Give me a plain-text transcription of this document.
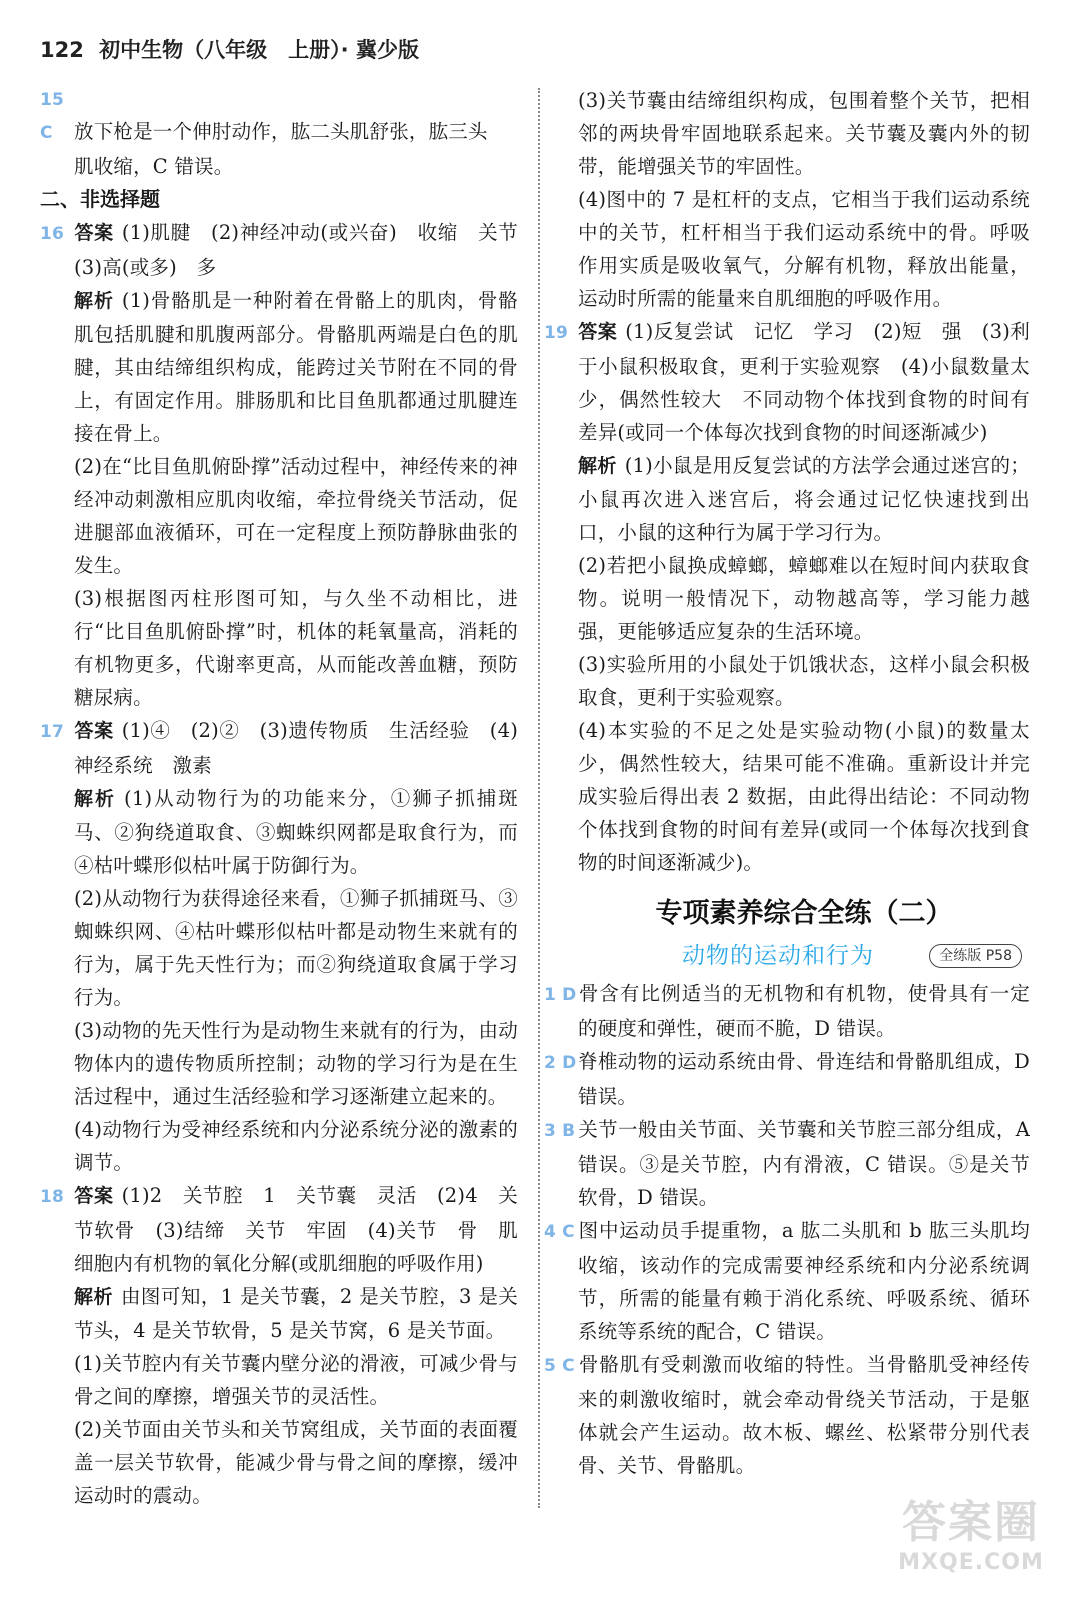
122 初中生物（八年级　上册）· 冀少版

15 C 放下枪是一个伸肘动作，肱二头肌舒张，肱三头
肌收缩，C 错误。

二、非选择题

16 答案 (1)肌腱　(2)神经冲动(或兴奋)　收缩　关节　(3)高(或多)　多

解析 (1)骨骼肌是一种附着在骨骼上的肌肉，骨骼肌包括肌腱和肌腹两部分。骨骼肌两端是白色的肌腱，其由结缔组织构成，能跨过关节附在不同的骨上，有固定作用。腓肠肌和比目鱼肌都通过肌腱连接在骨上。

(2)在“比目鱼肌俯卧撑”活动过程中，神经传来的神经冲动刺激相应肌肉收缩，牵拉骨绕关节活动，促进腿部血液循环，可在一定程度上预防静脉曲张的发生。

(3)根据图丙柱形图可知，与久坐不动相比，进行“比目鱼肌俯卧撑”时，机体的耗氧量高，消耗的有机物更多，代谢率更高，从而能改善血糖，预防糖尿病。

17 答案 (1)④　(2)②　(3)遗传物质　生活经验　(4)神经系统　激素

解析 (1)从动物行为的功能来分，①狮子抓捕斑马、②狗绕道取食、③蜘蛛织网都是取食行为，而④枯叶蝶形似枯叶属于防御行为。

(2)从动物行为获得途径来看，①狮子抓捕斑马、③蜘蛛织网、④枯叶蝶形似枯叶都是动物生来就有的行为，属于先天性行为；而②狗绕道取食属于学习行为。

(3)动物的先天性行为是动物生来就有的行为，由动物体内的遗传物质所控制；动物的学习行为是在生活过程中，通过生活经验和学习逐渐建立起来的。

(4)动物行为受神经系统和内分泌系统分泌的激素的调节。

18 答案 (1)2　关节腔　1　关节囊　灵活　(2)4　关节软骨　(3)结缔　关节　牢固　(4)关节　骨　肌细胞内有机物的氧化分解(或肌细胞的呼吸作用)

解析 由图可知，1 是关节囊，2 是关节腔，3 是关节头，4 是关节软骨，5 是关节窝，6 是关节面。

(1)关节腔内有关节囊内壁分泌的滑液，可减少骨与骨之间的摩擦，增强关节的灵活性。

(2)关节面由关节头和关节窝组成，关节面的表面覆盖一层关节软骨，能减少骨与骨之间的摩擦，缓冲运动时的震动。

(3)关节囊由结缔组织构成，包围着整个关节，把相邻的两块骨牢固地联系起来。关节囊及囊内外的韧带，能增强关节的牢固性。

(4)图中的 7 是杠杆的支点，它相当于我们运动系统中的关节，杠杆相当于我们运动系统中的骨。呼吸作用实质是吸收氧气，分解有机物，释放出能量，运动时所需的能量来自肌细胞的呼吸作用。

19 答案 (1)反复尝试　记忆　学习　(2)短　强　(3)利于小鼠积极取食，更利于实验观察　(4)小鼠数量太少，偶然性较大　不同动物个体找到食物的时间有差异(或同一个体每次找到食物的时间逐渐减少)

解析 (1)小鼠是用反复尝试的方法学会通过迷宫的；小鼠再次进入迷宫后，将会通过记忆快速找到出口，小鼠的这种行为属于学习行为。

(2)若把小鼠换成蟑螂，蟑螂难以在短时间内获取食物。说明一般情况下，动物越高等，学习能力越强，更能够适应复杂的生活环境。

(3)实验所用的小鼠处于饥饿状态，这样小鼠会积极取食，更利于实验观察。

(4)本实验的不足之处是实验动物(小鼠)的数量太少，偶然性较大，结果可能不准确。重新设计并完成实验后得出表 2 数据，由此得出结论：不同动物个体找到食物的时间有差异(或同一个体每次找到食物的时间逐渐减少)。

专项素养综合全练（二）

动物的运动和行为	全练版 P58

1 D骨含有比例适当的无机物和有机物，使骨具有一定的硬度和弹性，硬而不脆，D 错误。

2 D脊椎动物的运动系统由骨、骨连结和骨骼肌组成，D 错误。

3 B 关节一般由关节面、关节囊和关节腔三部分组成，A 错误。③是关节腔，内有滑液，C 错误。⑤是关节软骨，D 错误。

4 C 图中运动员手提重物，a 肱二头肌和 b 肱三头肌均收缩，该动作的完成需要神经系统和内分泌系统调节，所需的能量有赖于消化系统、呼吸系统、循环系统等系统的配合，C 错误。

5 C 骨骼肌有受刺激而收缩的特性。当骨骼肌受神经传来的刺激收缩时，就会牵动骨绕关节活动，于是躯体就会产生运动。故木板、螺丝、松紧带分别代表骨、关节、骨骼肌。

答案圈
MXQE.COM
